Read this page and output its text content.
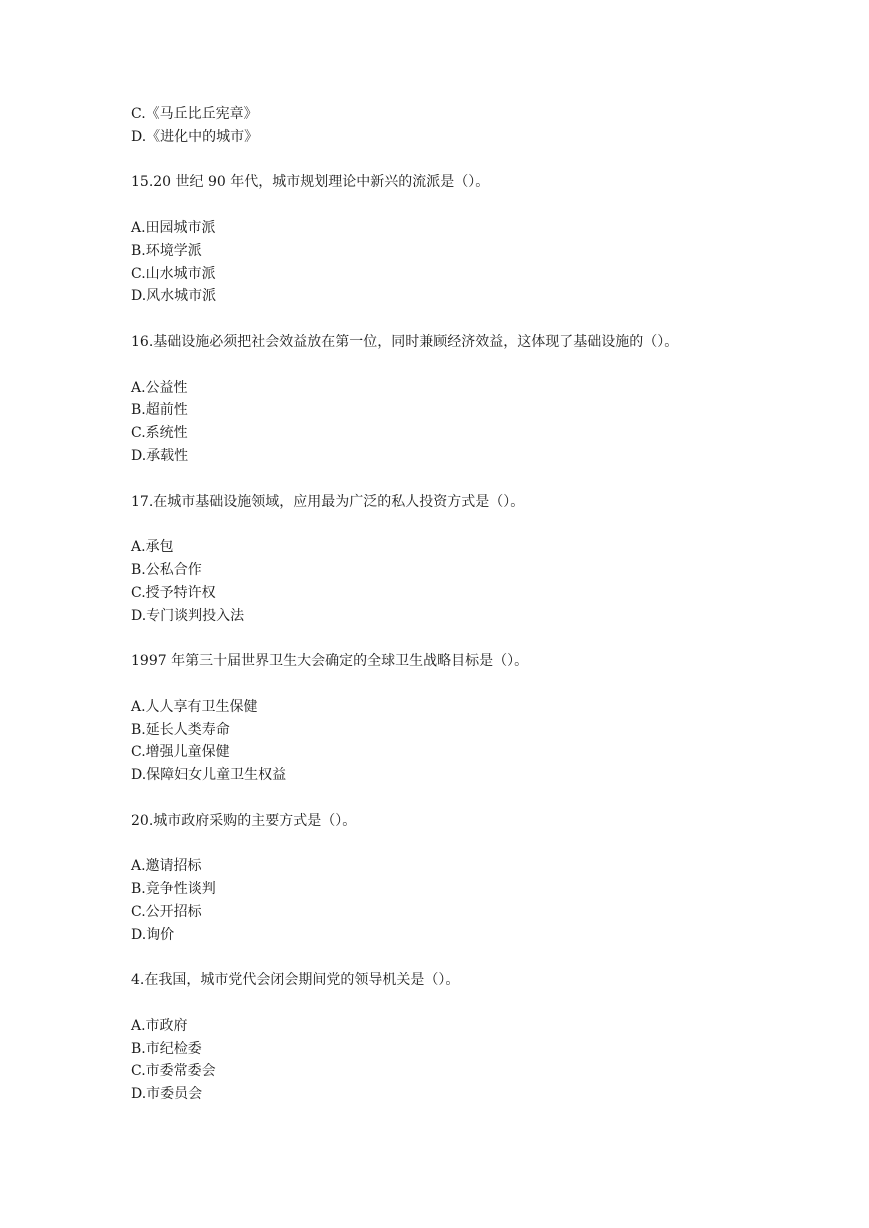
C.《马丘比丘宪章》

D.《进化中的城市》

15.20 世纪 90 年代，城市规划理论中新兴的流派是（）。

A.田园城市派

B.环境学派

C.山水城市派

D.风水城市派

16.基础设施必须把社会效益放在第一位，同时兼顾经济效益，这体现了基础设施的（）。

A.公益性

B.超前性

C.系统性

D.承载性

17.在城市基础设施领域，应用最为广泛的私人投资方式是（）。

A.承包

B.公私合作

C.授予特许权

D.专门谈判投入法

1997 年第三十届世界卫生大会确定的全球卫生战略目标是（）。

A.人人享有卫生保健

B.延长人类寿命

C.增强儿童保健

D.保障妇女儿童卫生权益

20.城市政府采购的主要方式是（）。

A.邀请招标

B.竞争性谈判

C.公开招标

D.询价

4.在我国，城市党代会闭会期间党的领导机关是（）。

A.市政府

B.市纪检委

C.市委常委会

D.市委员会
